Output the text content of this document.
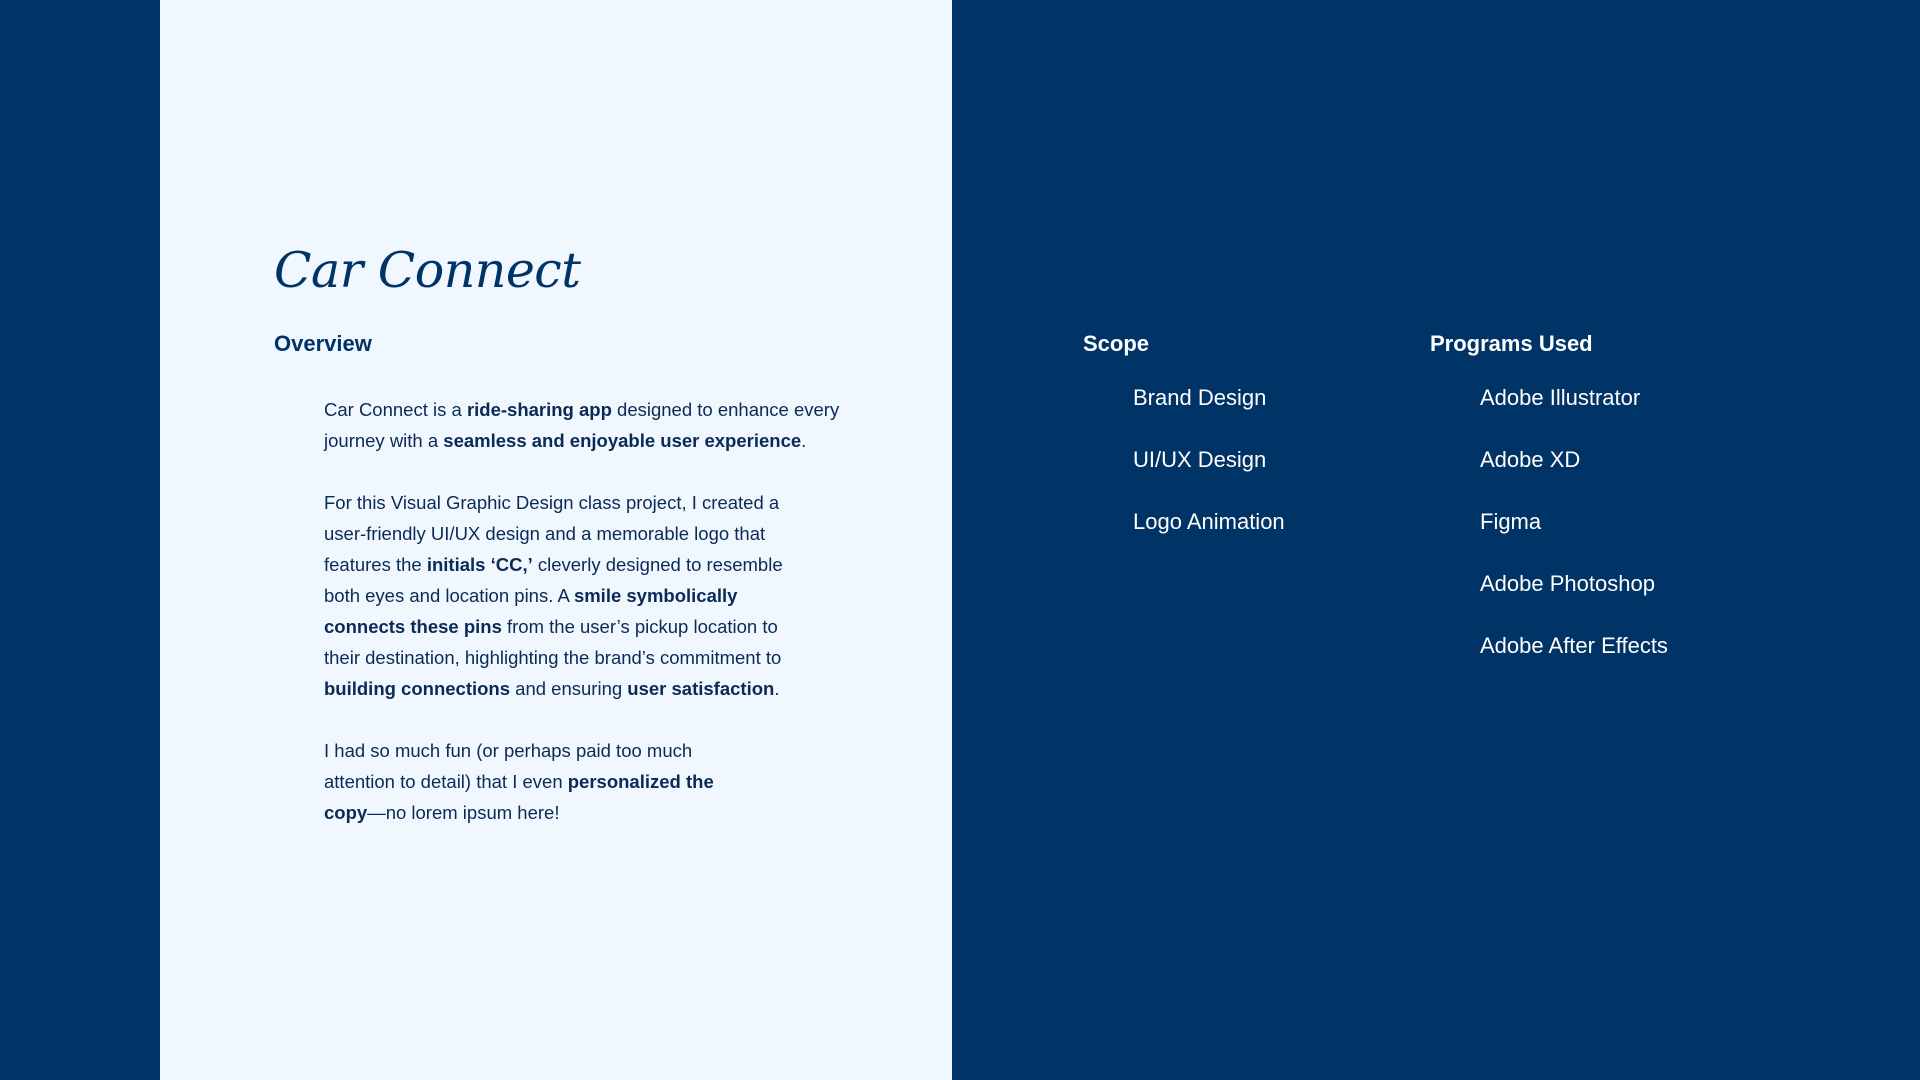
Car Connect
Overview

Car Connect is a ride-sharing app designed to enhance every journey with a seamless and enjoyable user experience.

For this Visual Graphic Design class project, I created a user-friendly UI/UX design and a memorable logo that features the initials ‘CC,’ cleverly designed to resemble both eyes and location pins. A smile symbolically connects these pins from the user’s pickup location to their destination, highlighting the brand’s commitment to building connections and ensuring user satisfaction.

I had so much fun (or perhaps paid too much attention to detail) that I even personalized the copy—no lorem ipsum here!

Scope
Brand Design
UI/UX Design
Logo Animation
Programs Used
Adobe Illustrator
Adobe XD
Figma
Adobe Photoshop
Adobe After Effects
